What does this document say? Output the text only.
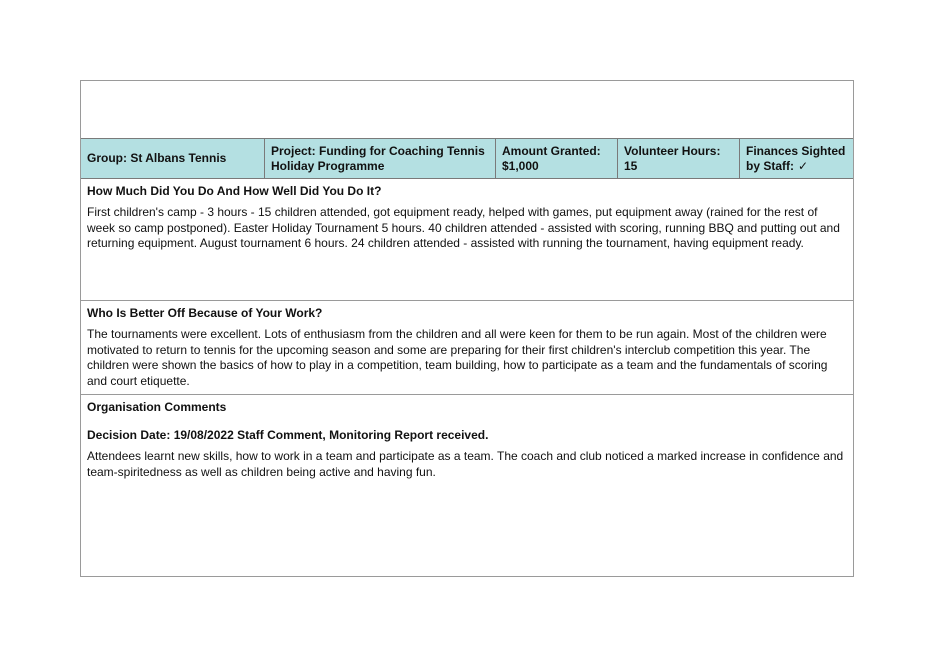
Group: St Albans Tennis
Project: Funding for Coaching Tennis Holiday Programme
Amount Granted: $1,000
Volunteer Hours: 15
Finances Sighted by Staff: ✓

How Much Did You Do And How Well Did You Do It?

First children's camp - 3 hours - 15 children attended, got equipment ready, helped with games, put equipment away (rained for the rest of week so camp postponed). Easter Holiday Tournament 5 hours. 40 children attended - assisted with scoring, running BBQ and putting out and returning equipment. August tournament 6 hours. 24 children attended - assisted with running the tournament, having equipment ready.

Who Is Better Off Because of Your Work?

The tournaments were excellent. Lots of enthusiasm from the children and all were keen for them to be run again. Most of the children were motivated to return to tennis for the upcoming season and some are preparing for their first children's interclub competition this year. The children were shown the basics of how to play in a competition, team building, how to participate as a team and the fundamentals of scoring and court etiquette.

Organisation Comments

Decision Date: 19/08/2022 Staff Comment, Monitoring Report received.

Attendees learnt new skills, how to work in a team and participate as a team. The coach and club noticed a marked increase in confidence and team-spiritedness as well as children being active and having fun.
